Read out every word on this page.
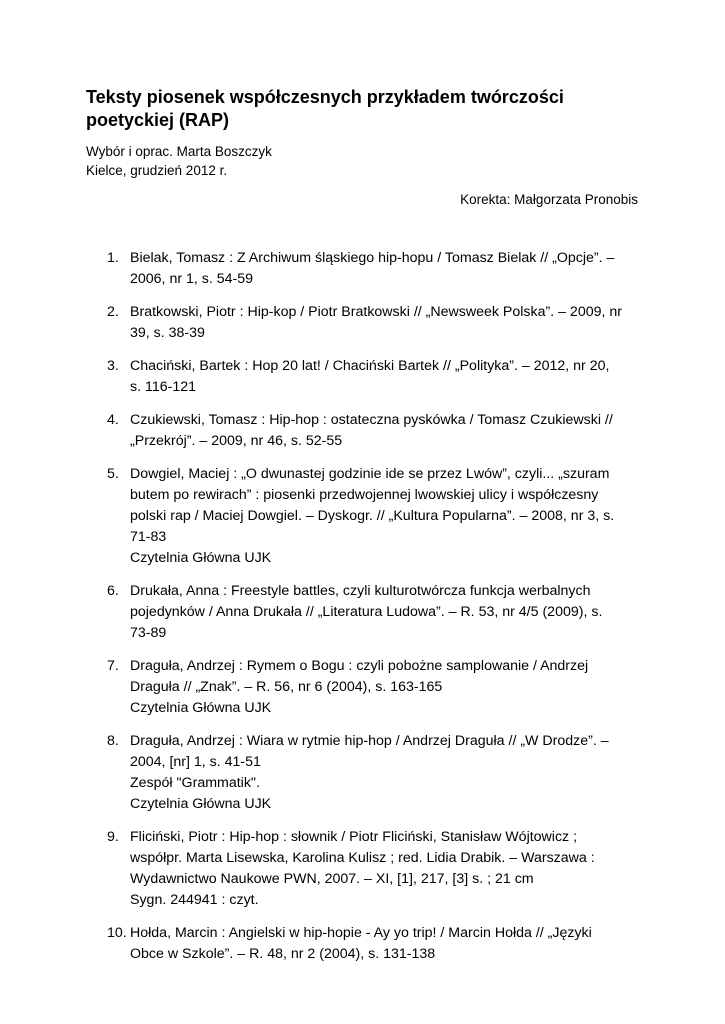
Teksty piosenek współczesnych przykładem twórczości poetyckiej (RAP)
Wybór i oprac. Marta Boszczyk
Kielce, grudzień 2012 r.
Korekta: Małgorzata Pronobis
1. Bielak, Tomasz : Z Archiwum śląskiego hip-hopu / Tomasz Bielak // „Opcje”. –
2006, nr 1, s. 54-59
2. Bratkowski, Piotr : Hip-kop / Piotr Bratkowski // „Newsweek Polska”. – 2009, nr
39, s. 38-39
3. Chaciński, Bartek : Hop 20 lat! / Chaciński Bartek // „Polityka”. – 2012, nr 20,
s. 116-121
4. Czukiewski, Tomasz : Hip-hop : ostateczna pyskówka / Tomasz Czukiewski //
„Przekrój”. – 2009, nr 46, s. 52-55
5. Dowgiel, Maciej : „O dwunastej godzinie ide se przez Lwów”, czyli... „szuram
butem po rewirach” : piosenki przedwojennej lwowskiej ulicy i współczesny
polski rap / Maciej Dowgiel. – Dyskogr. // „Kultura Popularna”. – 2008, nr 3, s.
71-83
Czytelnia Główna UJK
6. Drukała, Anna : Freestyle battles, czyli kulturotwórcza funkcja werbalnych
pojedynków / Anna Drukała // „Literatura Ludowa”. – R. 53, nr 4/5 (2009), s.
73-89
7. Draguła, Andrzej : Rymem o Bogu : czyli pobożne samplowanie / Andrzej
Draguła // „Znak”. – R. 56, nr 6 (2004), s. 163-165
Czytelnia Główna UJK
8. Draguła, Andrzej : Wiara w rytmie hip-hop / Andrzej Draguła // „W Drodze”. –
2004, [nr] 1, s. 41-51
Zespół "Grammatik".
Czytelnia Główna UJK
9. Fliciński, Piotr : Hip-hop : słownik / Piotr Fliciński, Stanisław Wójtowicz ;
współpr. Marta Lisewska, Karolina Kulisz ; red. Lidia Drabik. – Warszawa :
Wydawnictwo Naukowe PWN, 2007. – XI, [1], 217, [3] s. ; 21 cm
Sygn. 244941 : czyt.
10. Hołda, Marcin : Angielski w hip-hopie - Ay yo trip! / Marcin Hołda // „Języki
Obce w Szkole”. – R. 48, nr 2 (2004), s. 131-138
